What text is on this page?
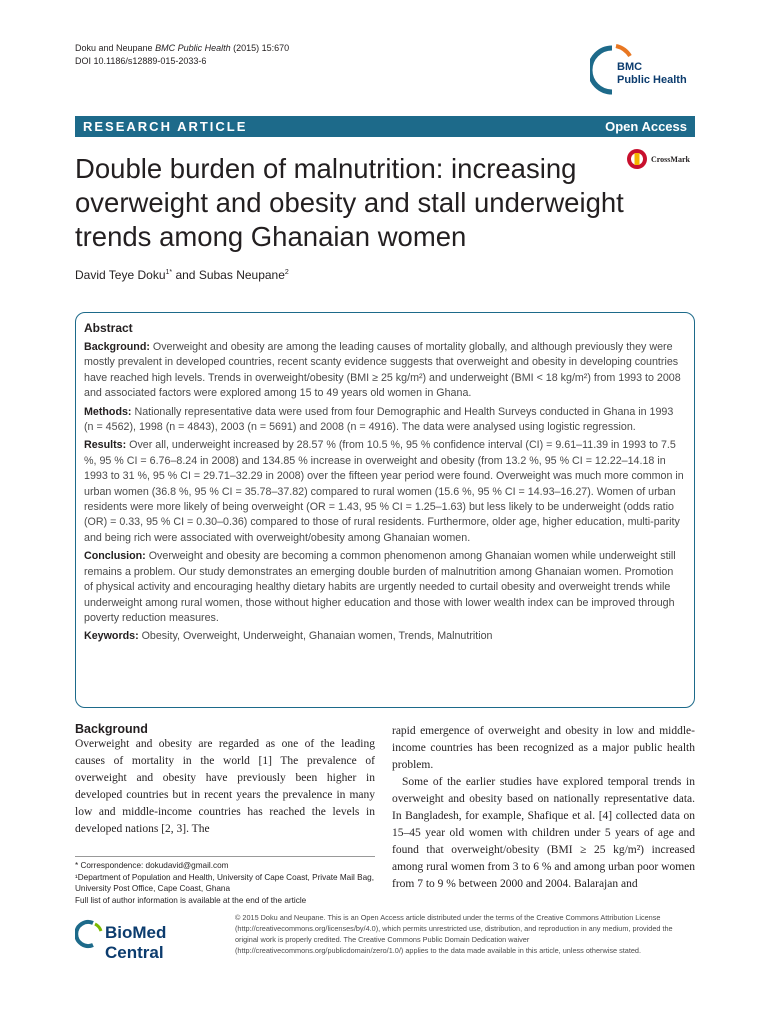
Doku and Neupane BMC Public Health (2015) 15:670
DOI 10.1186/s12889-015-2033-6	BMC
Public Health
RESEARCH ARTICLE	Open Access
CrossMark
Double burden of malnutrition: increasing overweight and obesity and stall underweight trends among Ghanaian women
David Teye Doku$^{1*}$ and Subas Neupane$^2$
Abstract

Background: Overweight and obesity are among the leading causes of mortality globally, and although previously they were mostly prevalent in developed countries, recent scanty evidence suggests that overweight and obesity in developing countries have reached high levels. Trends in overweight/obesity (BMI ≥ 25 kg/m²) and underweight (BMI < 18 kg/m²) from 1993 to 2008 and associated factors were explored among 15 to 49 years old women in Ghana.

Methods: Nationally representative data were used from four Demographic and Health Surveys conducted in Ghana in 1993 (n = 4562), 1998 (n = 4843), 2003 (n = 5691) and 2008 (n = 4916). The data were analysed using logistic regression.

Results: Over all, underweight increased by 28.57 % (from 10.5 %, 95 % confidence interval (CI) = 9.61–11.39 in 1993 to 7.5 %, 95 % CI = 6.76–8.24 in 2008) and 134.85 % increase in overweight and obesity (from 13.2 %, 95 % CI = 12.22–14.18 in 1993 to 31 %, 95 % CI = 29.71–32.29 in 2008) over the fifteen year period were found. Overweight was much more common in urban women (36.8 %, 95 % CI = 35.78–37.82) compared to rural women (15.6 %, 95 % CI = 14.93–16.27). Women of urban residents were more likely of being overweight (OR = 1.43, 95 % CI = 1.25–1.63) but less likely to be underweight (odds ratio (OR) = 0.33, 95 % CI = 0.30–0.36) compared to those of rural residents. Furthermore, older age, higher education, multi-parity and being rich were associated with overweight/obesity among Ghanaian women.

Conclusion: Overweight and obesity are becoming a common phenomenon among Ghanaian women while underweight still remains a problem. Our study demonstrates an emerging double burden of malnutrition among Ghanaian women. Promotion of physical activity and encouraging healthy dietary habits are urgently needed to curtail obesity and overweight trends while underweight among rural women, those without higher education and those with lower wealth index can be improved through poverty reduction measures.

Keywords: Obesity, Overweight, Underweight, Ghanaian women, Trends, Malnutrition

Background

Overweight and obesity are regarded as one of the leading causes of mortality in the world [1] The prevalence of overweight and obesity have previously been higher in developed countries but in recent years the prevalence in many low and middle-income countries has reached the levels in developed nations [2, 3]. The

rapid emergence of overweight and obesity in low and middle-income countries has been recognized as a major public health problem.

Some of the earlier studies have explored temporal trends in overweight and obesity based on nationally representative data. In Bangladesh, for example, Shafique et al. [4] collected data on 15–45 year old women with children under 5 years of age and found that overweight/obesity (BMI ≥ 25 kg/m²) increased among rural women from 3 to 6 % and among urban poor women from 7 to 9 % between 2000 and 2004. Balarajan and

* Correspondence: dokudavid@gmail.com
¹Department of Population and Health, University of Cape Coast, Private Mail Bag, University Post Office, Cape Coast, Ghana
Full list of author information is available at the end of the article
BioMed Central
© 2015 Doku and Neupane. This is an Open Access article distributed under the terms of the Creative Commons Attribution License (http://creativecommons.org/licenses/by/4.0), which permits unrestricted use, distribution, and reproduction in any medium, provided the original work is properly credited. The Creative Commons Public Domain Dedication waiver (http://creativecommons.org/publicdomain/zero/1.0/) applies to the data made available in this article, unless otherwise stated.
